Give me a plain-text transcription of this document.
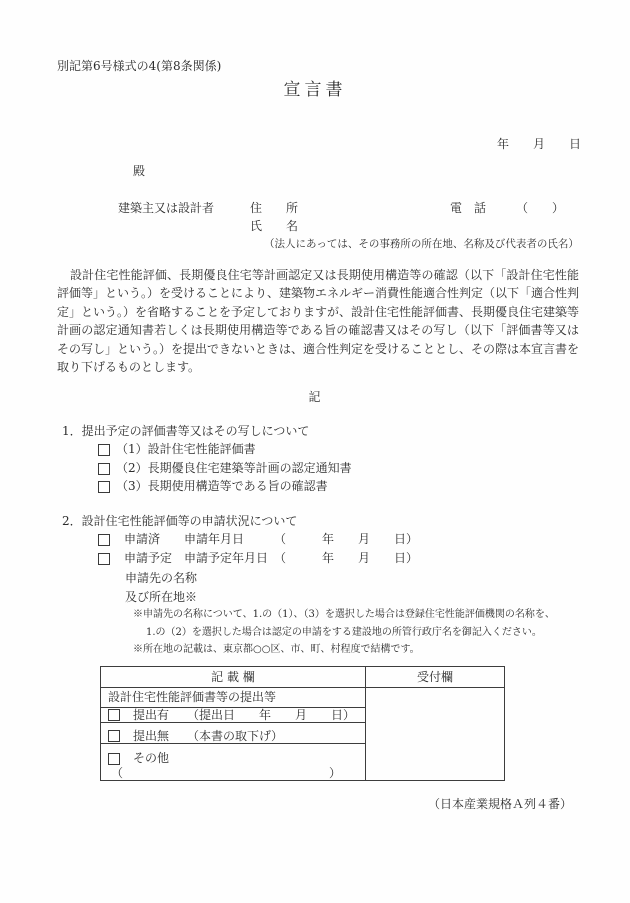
別記第6号様式の4(第8条関係)
宣言書
年　　月　　日
殿
建築主又は設計者	住　　所	電　話　　　（　　）
氏　　名
（法人にあっては、その事務所の所在地、名称及び代表者の氏名）
設計住宅性能評価、長期優良住宅等計画認定又は長期使用構造等の確認（以下「設計住宅性能評価等」という。）を受けることにより、建築物エネルギー消費性能適合性判定（以下「適合性判定」という。）を省略することを予定しておりますが、設計住宅性能評価書、長期優良住宅建築等計画の認定通知書若しくは長期使用構造等である旨の確認書又はその写し（以下「評価書等又はその写し」という。）を提出できないときは、適合性判定を受けることとし、その際は本宣言書を取り下げるものとします。
記
1．提出予定の評価書等又はその写しについて
（1）設計住宅性能評価書
（2）長期優良住宅建築等計画の認定通知書
（3）長期使用構造等である旨の確認書
2．設計住宅性能評価等の申請状況について
申請済　　申請年月日　　　（　　　年　　月　　日）
申請予定　申請予定年月日　（　　　年　　月　　日）
申請先の名称
及び所在地※
※申請先の名称について、1.の（1）、（3）を選択した場合は登録住宅性能評価機関の名称を、
1.の（2）を選択した場合は認定の申請をする建設地の所管行政庁名を御記入ください。
※所在地の記載は、東京都○○区、市、町、村程度で結構です。
記 載 欄	受付欄
設計住宅性能評価書等の提出等
提出有　　（提出日　　年　　月　　日）
提出無　　（本書の取下げ）
その他
（	）
（日本産業規格Ａ列４番）
